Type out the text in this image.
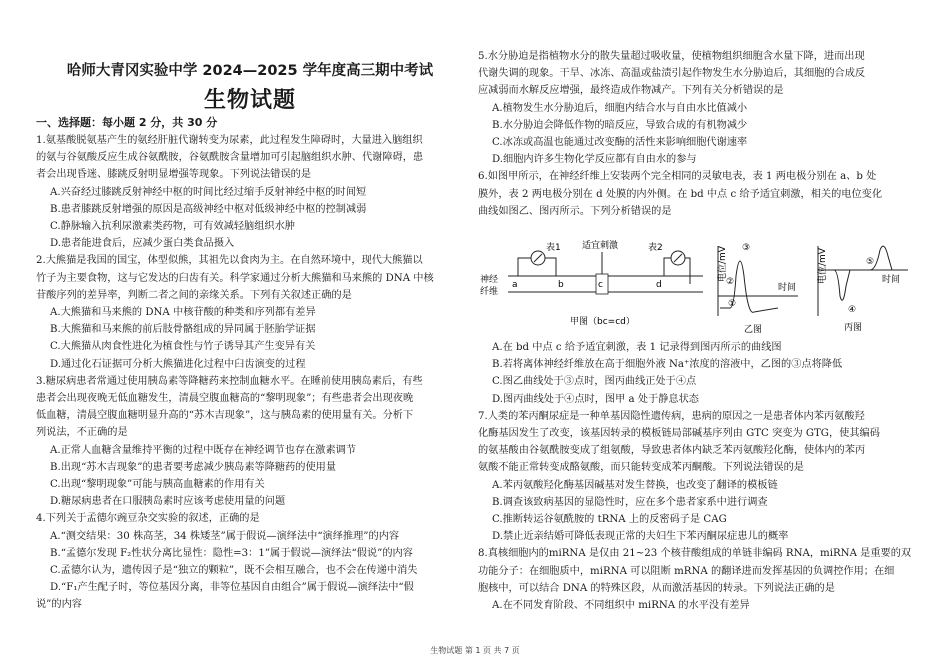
哈师大青冈实验中学 2024—2025 学年度高三期中考试
生物试题
一、选择题：每小题 2 分，共 30 分
1.氨基酸脱氨基产生的氨经肝脏代谢转变为尿素，此过程发生障碍时，大量进入脑组织
的氨与谷氨酸反应生成谷氨酰胺，谷氨酰胺含量增加可引起脑组织水肿、代谢障碍，患
者会出现昏迷、膝跳反射明显增强等现象。下列说法错误的是
A.兴奋经过膝跳反射神经中枢的时间比经过缩手反射神经中枢的时间短
B.患者膝跳反射增强的原因是高级神经中枢对低级神经中枢的控制减弱
C.静脉输入抗利尿激素类药物，可有效减轻脑组织水肿
D.患者能进食后，应减少蛋白类食品摄入
2.大熊猫是我国的国宝，体型似熊，其祖先以食肉为主。在自然环境中，现代大熊猫以
竹子为主要食物，这与它发达的臼齿有关。科学家通过分析大熊猫和马来熊的 DNA 中核
苷酸序列的差异率，判断二者之间的亲缘关系。下列有关叙述正确的是
A.大熊猫和马来熊的 DNA 中核苷酸的种类和序列都有差异
B.大熊猫和马来熊的前后肢骨骼组成的异同属于胚胎学证据
C.大熊猫从肉食性进化为植食性与竹子诱导其产生变异有关
D.通过化石证据可分析大熊猫进化过程中臼齿演变的过程
3.糖尿病患者常通过使用胰岛素等降糖药来控制血糖水平。在睡前使用胰岛素后，有些
患者会出现夜晚无低血糖发生，清晨空腹血糖高的“黎明现象”；有些患者会出现夜晚
低血糖，清晨空腹血糖明显升高的“苏木吉现象”，这与胰岛素的使用量有关。分析下
列说法，不正确的是
A.正常人血糖含量维持平衡的过程中既存在神经调节也存在激素调节
B.出现“苏木吉现象”的患者要考虑减少胰岛素等降糖药的使用量
C.出现“黎明现象”可能与胰高血糖素的作用有关
D.糖尿病患者在口服胰岛素时应该考虑使用量的问题
4.下列关于孟德尔豌豆杂交实验的叙述，正确的是
A.“测交结果：30 株高茎，34 株矮茎”属于假说—演绎法中“演绎推理”的内容
B.“孟德尔发现 F₂性状分离比显性：隐性=3：1”属于假说—演绎法“假说”的内容
C.孟德尔认为，遗传因子是“独立的颗粒”，既不会相互融合，也不会在传递中消失
D.“F₁产生配子时，等位基因分离，非等位基因自由组合”属于假说—演绎法中“假
说”的内容
5.水分胁迫是指植物水分的散失量超过吸收量，使植物组织细胞含水量下降，进而出现
代谢失调的现象。干旱、冰冻、高温或盐渍引起作物发生水分胁迫后，其细胞的合成反
应减弱而水解反应增强，最终造成作物减产。下列有关分析错误的是
A.植物发生水分胁迫后，细胞内结合水与自由水比值减小
B.水分胁迫会降低作物的暗反应，导致合成的有机物减少
C.冰冻或高温也能通过改变酶的活性来影响细胞代谢速率
D.细胞内许多生物化学反应都有自由水的参与
6.如图甲所示，在神经纤维上安装两个完全相同的灵敏电表，表 1 两电极分别在 a、b 处
膜外，表 2 两电极分别在 d 处膜的内外侧。在 bd 中点 c 给予适宜刺激，相关的电位变化
曲线如图乙、图丙所示。下列分析错误的是
A.在 bd 中点 c 给予适宜刺激，表 1 记录得到图丙所示的曲线图
B.若将离体神经纤维放在高于细胞外液 Na⁺浓度的溶液中，乙图的③点将降低
C.图乙曲线处于③点时，图丙曲线正处于④点
D.图丙曲线处于④点时，图甲 a 处于静息状态
7.人类的苯丙酮尿症是一种单基因隐性遗传病，患病的原因之一是患者体内苯丙氨酸羟
化酶基因发生了改变，该基因转录的模板链局部碱基序列由 GTC 突变为 GTG，使其编码
的氨基酸由谷氨酰胺变成了组氨酸，导致患者体内缺乏苯丙氨酸羟化酶，使体内的苯丙
氨酸不能正常转变成酪氨酸，而只能转变成苯丙酮酸。下列说法错误的是
A.苯丙氨酸羟化酶基因碱基对发生替换，也改变了翻译的模板链
B.调查该致病基因的显隐性时，应在多个患者家系中进行调查
C.推断转运谷氨酰胺的 tRNA 上的反密码子是 CAG
D.禁止近亲结婚可降低表现正常的夫妇生下苯丙酮尿症患儿的概率
8.真核细胞内的miRNA 是仅由 21~23 个核苷酸组成的单链非编码 RNA，miRNA 是重要的双
功能分子：在细胞质中，miRNA 可以阻断 mRNA 的翻译进而发挥基因的负调控作用；在细
胞核中，可以结合 DNA 的特殊区段，从而激活基因的转录。下列说法正确的是
A.在不同发育阶段、不同组织中 miRNA 的水平没有差异
神经
纤维
表1	表2
适宜刺激
a	b	c	d
甲图（bc=cd）
电位/mV
时间
①
②
③
乙图
电位/mV	时间
④
⑤
丙图
生物试题 第 1 页 共 7 页
